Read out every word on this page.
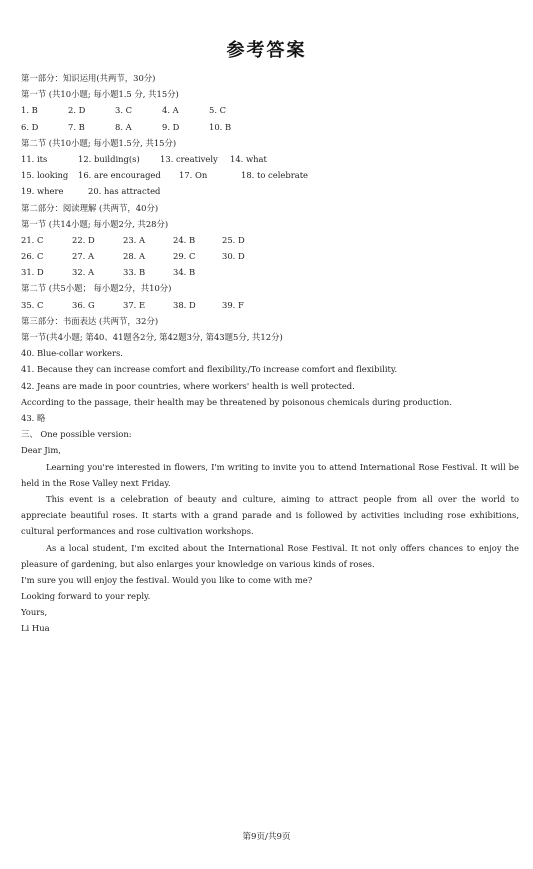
参考答案
第一部分：知识运用(共两节，30分)
第一节 (共10小题; 每小题1.5 分, 共15分)
1. B	2. D	3. C	4. A	5. C
6. D	7. B	8. A	9. D	10. B
第二节 (共10小题; 每小题1.5分, 共15分)
11. its	12. building(s)	13. creatively	14. what
15. looking	16. are encouraged	17. On	18. to celebrate
19. where	20. has attracted
第二部分：阅读理解 (共两节，40分)
第一节 (共14小题; 每小题2分, 共28分)
21. C	22. D	23. A	24. B	25. D
26. C	27. A	28. A	29. C	30. D
31. D	32. A	33. B	34. B
第二节 (共5小题； 每小题2分，共10分)
35. C	36. G	37. E	38. D	39. F
第三部分：书面表达 (共两节，32分)
第一节(共4小题; 第40、41题各2分, 第42题3分, 第43题5分, 共12分)
40. Blue-collar workers.
41. Because they can increase comfort and flexibility./To increase comfort and flexibility.
42. Jeans are made in poor countries, where workers' health is well protected.
According to the passage, their health may be threatened by poisonous chemicals during production.
43. 略
三、 One possible version:
Dear Jim,
Learning you're interested in flowers, I'm writing to invite you to attend International Rose Festival. It will be held in the Rose Valley next Friday.
This event is a celebration of beauty and culture, aiming to attract people from all over the world to appreciate beautiful roses. It starts with a grand parade and is followed by activities including rose exhibitions, cultural performances and rose cultivation workshops.
As a local student, I'm excited about the International Rose Festival. It not only offers chances to enjoy the pleasure of gardening, but also enlarges your knowledge on various kinds of roses.
I'm sure you will enjoy the festival. Would you like to come with me?
Looking forward to your reply.
Yours,
Li Hua
第9页/共9页
